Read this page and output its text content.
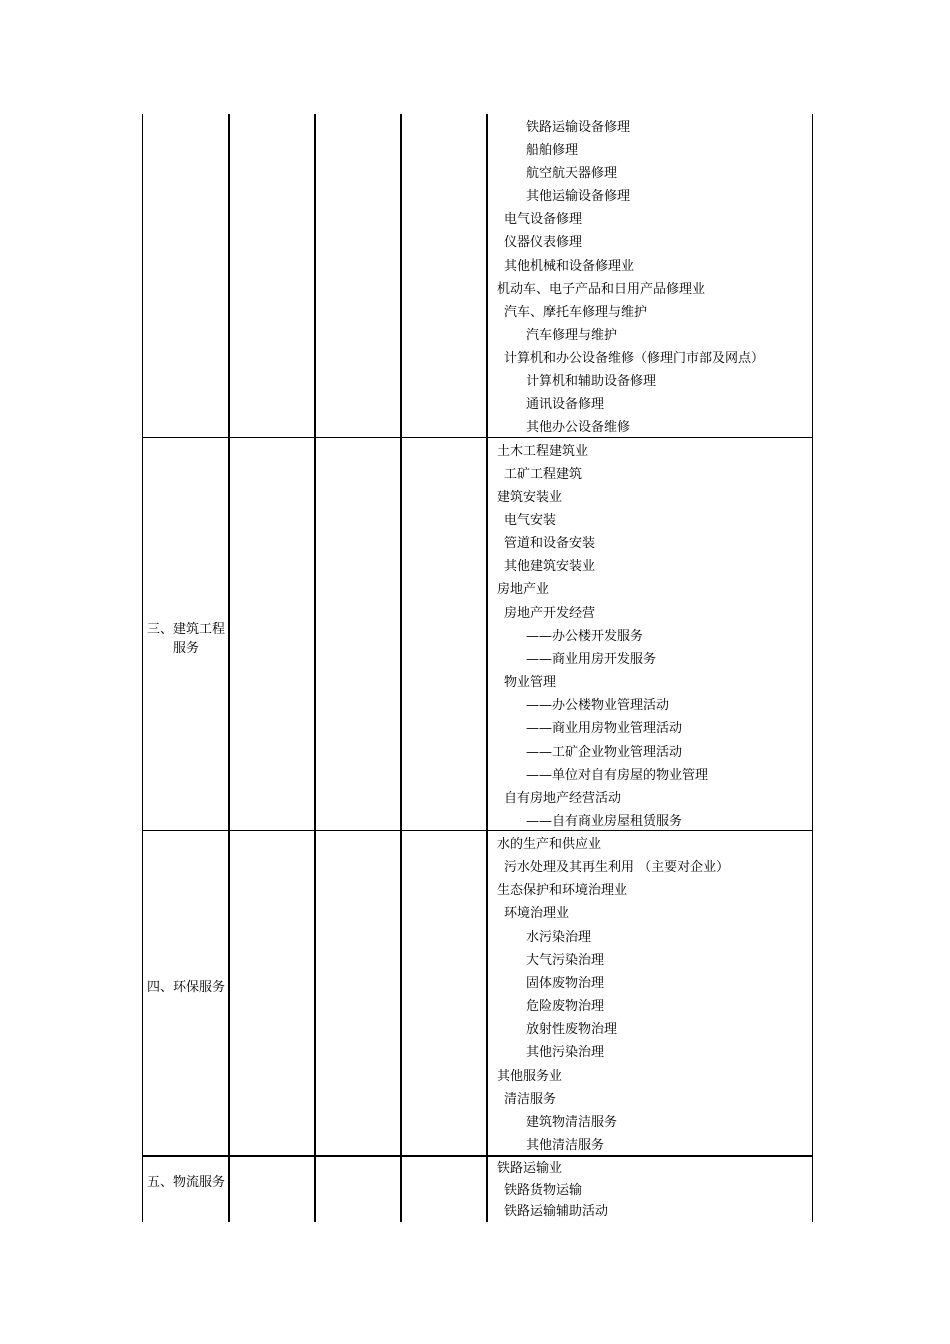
三、建筑工程服务
四、环保服务
五、物流服务
铁路运输设备修理
船舶修理
航空航天器修理
其他运输设备修理
电气设备修理
仪器仪表修理
其他机械和设备修理业
机动车、电子产品和日用产品修理业
汽车、摩托车修理与维护
汽车修理与维护
计算机和办公设备维修（修理门市部及网点）
计算机和辅助设备修理
通讯设备修理
其他办公设备维修
土木工程建筑业
工矿工程建筑
建筑安装业
电气安装
管道和设备安装
其他建筑安装业
房地产业
房地产开发经营
——办公楼开发服务
——商业用房开发服务
物业管理
——办公楼物业管理活动
——商业用房物业管理活动
——工矿企业物业管理活动
——单位对自有房屋的物业管理
自有房地产经营活动
——自有商业房屋租赁服务
水的生产和供应业
污水处理及其再生利用 （主要对企业）
生态保护和环境治理业
环境治理业
水污染治理
大气污染治理
固体废物治理
危险废物治理
放射性废物治理
其他污染治理
其他服务业
清洁服务
建筑物清洁服务
其他清洁服务
铁路运输业
铁路货物运输
铁路运输辅助活动
